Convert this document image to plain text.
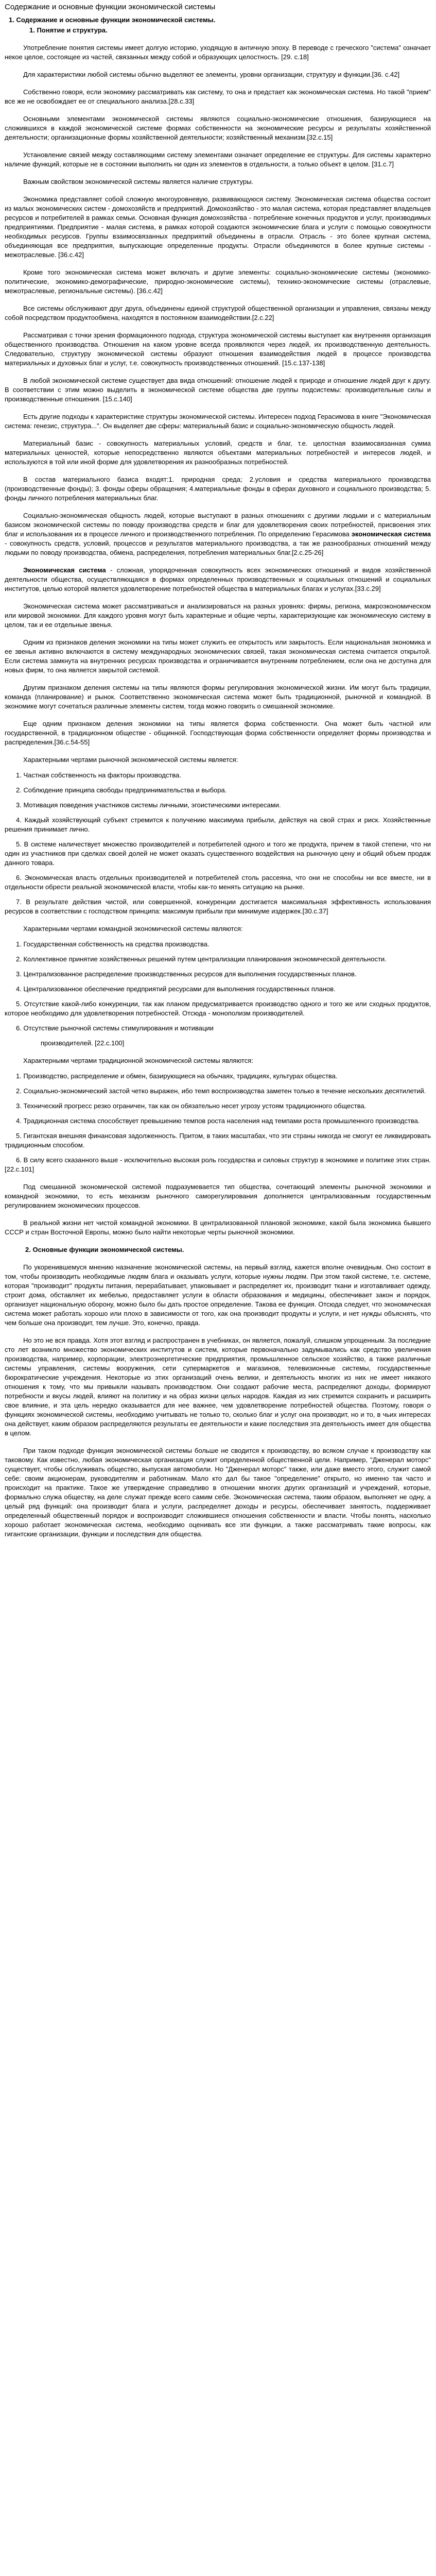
Содержание и основные функции экономической системы
1. Содержание и основные функции экономической системы.
1. Понятие и структура.

Употребление понятия системы имеет долгую историю, уходящую в античную эпоху. В переводе с греческого "система" означает некое целое, состоящее из частей, связанных между собой и образующих целостность. [29. с.18]

Для характеристики любой системы обычно выделяют ее элементы, уровни организации, структуру и функции.[36. с.42]

Собственно говоря, если экономику рассматривать как систему, то она и предстает как экономическая система. Но такой "прием" все же не освобождает ее от специального анализа.[28.с.33]

Основными элементами экономической системы являются социально-экономические отношения, базирующиеся на сложившихся в каждой экономической системе формах собственности на экономические ресурсы и результаты хозяйственной деятельности; организационные формы хозяйственной деятельности; хозяйственный механизм.[32.с.15]

Установление связей между составляющими систему элементами означает определение ее структуры. Для системы характерно наличие функций, которые не в состоянии выполнить ни один из элементов в отдельности, а только объект в целом. [31.с.7]

Важным свойством экономической системы является наличие структуры.

Экономика представляет собой сложную многоуровневую, развивающуюся систему. Экономическая система общества состоит из малых экономических систем - домохозяйств и предприятий. Домохозяйство - это малая система, которая представляет владельцев ресурсов и потребителей в рамках семьи. Основная функция домохозяйства - потребление конечных продуктов и услуг, производимых предприятиями. Предприятие - малая система, в рамках которой создаются экономические блага и услуги с помощью совокупности необходимых ресурсов. Группы взаимосвязанных предприятий объединены в отрасли. Отрасль - это более крупная система, объединяющая все предприятия, выпускающие определенные продукты. Отрасли объединяются в более крупные системы - межотраслевые. [36.с.42]

Кроме того экономическая система может включать и другие элементы: социально-экономические системы (экономико-политические, экономико-демографические, природно-экономические системы), технико-экономические системы (отраслевые, межотраслевые, региональные системы). [36.с.42]

Все системы обслуживают друг друга, объединены единой структурой общественной организации и управления, связаны между собой посредством продуктообмена, находятся в постоянном взаимодействии.[2.с.22]

Рассматривая с точки зрения формационного подхода, структура экономической системы выступает как внутренняя организация общественного производства. Отношения на каком уровне всегда проявляются через людей, их производственную деятельность. Следовательно, структуру экономической системы образуют отношения взаимодействия людей в процессе производства материальных и духовных благ и услуг, т.е. совокупность производственных отношений. [15.с.137-138]

В любой экономической системе существует два вида отношений: отношение людей к природе и отношение людей друг к другу. В соответствии с этим можно выделить в экономической системе общества две группы подсистемы: производительные силы и производственные отношения. [15.с.140]

Есть другие подходы к характеристике структуры экономической системы. Интересен подход Герасимова в книге "Экономическая система: генезис, структура...". Он выделяет две сферы: материальный базис и социально-экономическую общность людей.

Материальный базис - совокупность материальных условий, средств и благ, т.е. целостная взаимосвязанная сумма материальных ценностей, которые непосредственно являются объектами материальных потребностей и интересов людей, и используются в той или иной форме для удовлетворения их разнообразных потребностей.

В состав материального базиса входят:1. природная среда; 2.условия и средства материального производства (производственные фонды); 3. фонды сферы обращения; 4.материальные фонды в сферах духовного и социального производства; 5. фонды личного потребления материальных благ.

Социально-экономическая общность людей, которые выступают в разных отношениях с другими людьми и с материальным базисом экономической системы по поводу производства средств и благ для удовлетворения своих потребностей, присвоения этих благ и использования их в процессе личного и производственного потребления. По определению Герасимова экономическая система - совокупность средств, условий, процессов и результатов материального производства, а так же разнообразных отношений между людьми по поводу производства, обмена, распределения, потребления материальных благ.[2.с.25-26]

Экономическая система - сложная, упорядоченная совокупность всех экономических отношений и видов хозяйственной деятельности общества, осуществляющаяся в формах определенных производственных и социальных отношений и социальных институтов, целью которой является удовлетворение потребностей общества в материальных благах и услугах.[33.с.29]

Экономическая система может рассматриваться и анализироваться на разных уровнях: фирмы, региона, макроэкономическом или мировой экономики. Для каждого уровня могут быть характерные и общие черты, характеризующие как экономическую систему в целом, так и ее отдельные звенья.

Одним из признаков деления экономики на типы может служить ее открытость или закрытость. Если национальная экономика и ее звенья активно включаются в систему международных экономических связей, такая экономическая система считается открытой. Если система замкнута на внутренних ресурсах производства и ограничивается внутренним потреблением, если она не доступна для новых фирм, то она является закрытой системой.

Другим признаком деления системы на типы являются формы регулирования экономической жизни. Им могут быть традиции, команда (планирование) и рынок. Соответственно экономическая система может быть традиционной, рыночной и командной. В экономике могут сочетаться различные элементы систем, тогда можно говорить о смешанной экономике.

Еще одним признаком деления экономики на типы является форма собственности. Она может быть частной или государственной, в традиционном обществе - общинной. Господствующая форма собственности определяет формы производства и распределения.[36.с.54-55]

Характерными чертами рыночной экономической системы является:

1. Частная собственность на факторы производства.

2. Соблюдение принципа свободы предпринимательства и выбора.

3. Мотивация поведения участников системы личными, эгоистическими интересами.

4. Каждый хозяйствующий субъект стремится к получению максимума прибыли, действуя на свой страх и риск. Хозяйственные решения принимает лично.

5. В системе наличествует множество производителей и потребителей одного и того же продукта, причем в такой степени, что ни один из участников при сделках своей долей не может оказать существенного воздействия на рыночную цену и общий объем продаж данного товара.

6. Экономическая власть отдельных производителей и потребителей столь рассеяна, что они не способны ни все вместе, ни в отдельности обрести реальной экономической власти, чтобы как-то менять ситуацию на рынке.

7. В результате действия чистой, или совершенной, конкуренции достигается максимальная эффективность использования ресурсов в соответствии с господством принципа: максимум прибыли при минимуме издержек.[30.с.37]

Характерными чертами командной экономической системы являются:

1. Государственная собственность на средства производства.

2. Коллективное принятие хозяйственных решений путем централизации планирования экономической деятельности.

3. Централизованное распределение производственных ресурсов для выполнения государственных планов.

4. Централизованное обеспечение предприятий ресурсами для выполнения государственных планов.

5. Отсутствие какой-либо конкуренции, так как планом предусматривается производство одного и того же или сходных продуктов, которое необходимо для удовлетворения потребностей. Отсюда - монополизм производителей.

6. Отсутствие рыночной системы стимулирования и мотивации

производителей. [22.с.100]

Характерными чертами традиционной экономической системы являются:

1. Производство, распределение и обмен, базирующиеся на обычаях, традициях, культурах общества.

2. Социально-экономический застой четко выражен, ибо темп воспроизводства заметен только в течение нескольких десятилетий.

3. Технический прогресс резко ограничен, так как он обязательно несет угрозу устоям традиционного общества.

4. Традиционная система способствует превышению темпов роста населения над темпами роста промышленного производства.

5. Гигантская внешняя финансовая задолженность. Притом, в таких масштабах, что эти страны никогда не смогут ее ликвидировать традиционным способом.

6. В силу всего сказанного выше - исключительно высокая роль государства и силовых структур в экономике и политике этих стран.[22.с.101]

Под смешанной экономической системой подразумевается тип общества, сочетающий элементы рыночной экономики и командной экономики, то есть механизм рыночного саморегулирования дополняется централизованным государственным регулированием экономических процессов.

В реальной жизни нет чистой командной экономики. В централизованной плановой экономике, какой была экономика бывшего СССР и стран Восточной Европы, можно было найти некоторые черты рыночной экономики.

2. Основные функции экономической системы.

По укоренившемуся мнению назначение экономической системы, на первый взгляд, кажется вполне очевидным. Оно состоит в том, чтобы производить необходимые людям блага и оказывать услуги, которые нужны людям. При этом такой системе, т.е. системе, которая "производит" продукты питания, перерабатывает, упаковывает и распределяет их, производит ткани и изготавливает одежду, строит дома, обставляет их мебелью, предоставляет услуги в области образования и медицины, обеспечивает закон и порядок, организует национальную оборону, можно было бы дать простое определение. Такова ее функция. Отсюда следует, что экономическая система может работать хорошо или плохо в зависимости от того, как она производит продукты и услуги, и нет нужды объяснять, что чем больше она производит, тем лучше. Это, конечно, правда.

Но это не вся правда. Хотя этот взгляд и распространен в учебниках, он является, пожалуй, слишком упрощенным. За последние сто лет возникло множество экономических институтов и систем, которые первоначально задумывались как средство увеличения производства, например, корпорации, электроэнергетические предприятия, промышленное сельское хозяйство, а также различные системы управления, системы вооружения, сети супермаркетов и магазинов, телевизионные системы, государственные бюрократические учреждения. Некоторые из этих организаций очень велики, и деятельность многих из них не имеет никакого отношения к тому, что мы привыкли называть производством. Они создают рабочие места, распределяют доходы, формируют потребности и вкусы людей, влияют на политику и на образ жизни целых народов. Каждая из них стремится сохранить и расширить свое влияние, и эта цель нередко оказывается для нее важнее, чем удовлетворение потребностей общества. Поэтому, говоря о функциях экономической системы, необходимо учитывать не только то, сколько благ и услуг она производит, но и то, в чьих интересах она действует, каким образом распределяются результаты ее деятельности и какие последствия эта деятельность имеет для общества в целом.

При таком подходе функция экономической системы больше не сводится к производству, во всяком случае к производству как таковому. Как известно, любая экономическая организация служит определенной общественной цели. Например, "Дженерал моторс" существует, чтобы обслуживать общество, выпуская автомобили. Но "Дженерал моторс" также, или даже вместо этого, служит самой себе: своим акционерам, руководителям и работникам. Мало кто дал бы такое "определение" открыто, но именно так часто и происходит на практике. Такое же утверждение справедливо в отношении многих других организаций и учреждений, которые, формально служа обществу, на деле служат прежде всего самим себе. Экономическая система, таким образом, выполняет не одну, а целый ряд функций: она производит блага и услуги, распределяет доходы и ресурсы, обеспечивает занятость, поддерживает определенный общественный порядок и воспроизводит сложившиеся отношения собственности и власти. Чтобы понять, насколько хорошо работает экономическая система, необходимо оценивать все эти функции, а также рассматривать такие вопросы, как гигантские организации, функции и последствия для общества.
